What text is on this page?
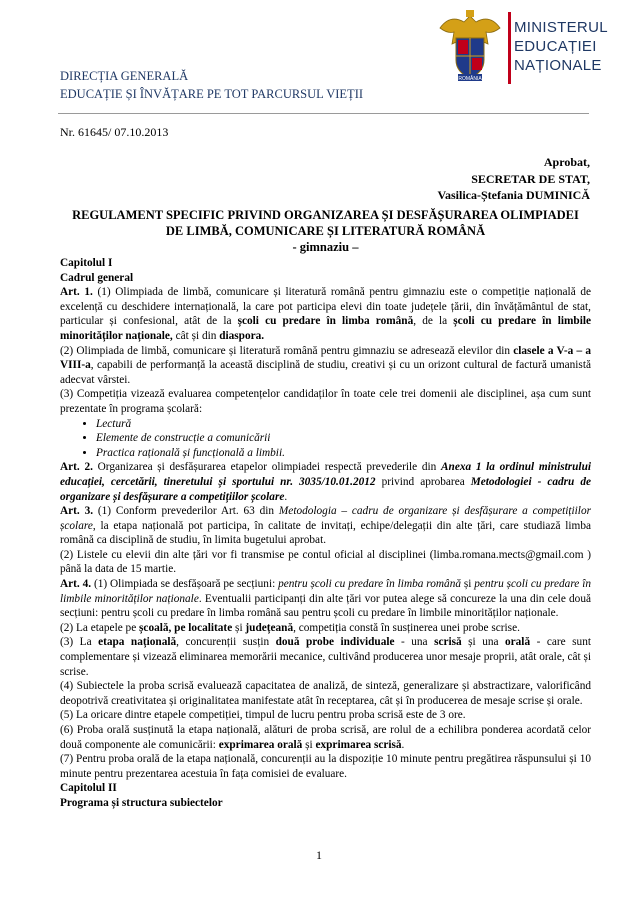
DIRECȚIA GENERALĂ
EDUCAȚIE ȘI ÎNVĂȚARE PE TOT PARCURSUL VIEȚII
ROMÂNIA
MINISTERUL
EDUCAȚIEI
NAȚIONALE
Nr. 61645/ 07.10.2013
Aprobat,
SECRETAR DE STAT,
Vasilica-Ștefania DUMINICĂ
REGULAMENT SPECIFIC PRIVIND ORGANIZAREA ȘI DESFĂȘURAREA OLIMPIADEI
DE LIMBĂ, COMUNICARE ȘI LITERATURĂ ROMÂNĂ
- gimnaziu –

Capitolul I

Cadrul general

Art. 1. (1) Olimpiada de limbă, comunicare și literatură română pentru gimnaziu este o competiție națională de excelență cu deschidere internațională, la care pot participa elevi din toate județele țării, din învățământul de stat, particular și confesional, atât de la școli cu predare în limba română, de la școli cu predare în limbile minorităților naționale, cât și din diaspora.

(2) Olimpiada de limbă, comunicare și literatură română pentru gimnaziu se adresează elevilor din clasele a V-a – a VIII-a, capabili de performanță la această disciplină de studiu, creativi și cu un orizont cultural de factură umanistă adecvat vârstei.

(3) Competiția vizează evaluarea competențelor candidaților în toate cele trei domenii ale disciplinei, așa cum sunt prezentate în programa școlară:

• Lectură
• Elemente de construcție a comunicării
• Practica rațională și funcțională a limbii.

Art. 2. Organizarea și desfășurarea etapelor olimpiadei respectă prevederile din Anexa 1 la ordinul ministrului educației, cercetării, tineretului și sportului nr. 3035/10.01.2012 privind aprobarea Metodologiei - cadru de organizare și desfășurare a competițiilor școlare.

Art. 3. (1) Conform prevederilor Art. 63 din Metodologia – cadru de organizare și desfășurare a competițiilor școlare, la etapa națională pot participa, în calitate de invitați, echipe/delegații din alte țări, care studiază limba română ca disciplină de studiu, în limita bugetului aprobat.

(2) Listele cu elevii din alte țări vor fi transmise pe contul oficial al disciplinei (limba.romana.mects@gmail.com ) până la data de 15 martie.

Art. 4. (1) Olimpiada se desfășoară pe secțiuni: pentru școli cu predare în limba română și pentru școli cu predare în limbile minorităților naționale. Eventualii participanți din alte țări vor putea alege să concureze la una din cele două secțiuni: pentru școli cu predare în limba română sau pentru școli cu predare în limbile minorităților naționale.

(2) La etapele pe școală, pe localitate și județeană, competiția constă în susținerea unei probe scrise.

(3) La etapa națională, concurenții susțin două probe individuale - una scrisă și una orală - care sunt complementare și vizează eliminarea memorării mecanice, cultivând producerea unor mesaje proprii, atât orale, cât și scrise.

(4) Subiectele la proba scrisă evaluează capacitatea de analiză, de sinteză, generalizare și abstractizare, valorificând deopotrivă creativitatea și originalitatea manifestate atât în receptarea, cât și în producerea de mesaje scrise și orale.

(5) La oricare dintre etapele competiției, timpul de lucru pentru proba scrisă este de 3 ore.

(6) Proba orală susținută la etapa națională, alături de proba scrisă, are rolul de a echilibra ponderea acordată celor două componente ale comunicării: exprimarea orală și exprimarea scrisă.

(7) Pentru proba orală de la etapa națională, concurenții au la dispoziție 10 minute pentru pregătirea răspunsului și 10 minute pentru prezentarea acestuia în fața comisiei de evaluare.

Capitolul II

Programa și structura subiectelor

1
